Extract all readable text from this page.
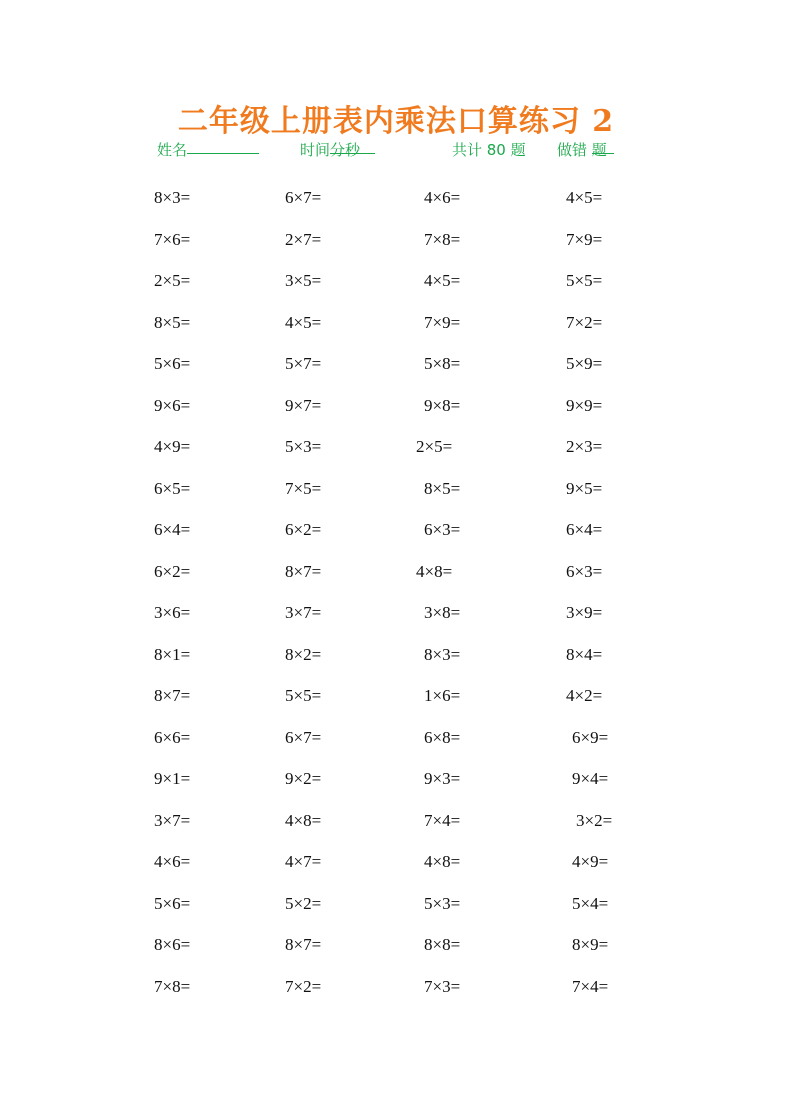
二年级上册表内乘法口算练习 2
姓名	时间
分
秒	共计 80 题 做错 题
8×3=	6×7=	4×6=	4×5=
7×6=	2×7=	7×8=	7×9=
2×5=	3×5=	4×5=	5×5=
8×5=	4×5=	7×9=	7×2=
5×6=	5×7=	5×8=	5×9=
9×6=	9×7=	9×8=	9×9=
4×9=	5×3=	2×5=	2×3=
6×5=	7×5=	8×5=	9×5=
6×4=	6×2=	6×3=	6×4=
6×2=	8×7=	4×8=	6×3=
3×6=	3×7=	3×8=	3×9=
8×1=	8×2=	8×3=	8×4=
8×7=	5×5=	1×6=	4×2=
6×6=	6×7=	6×8=	6×9=
9×1=	9×2=	9×3=	9×4=
3×7=	4×8=	7×4=	3×2=
4×6=	4×7=	4×8=	4×9=
5×6=	5×2=	5×3=	5×4=
8×6=	8×7=	8×8=	8×9=
7×8=	7×2=	7×3=	7×4=
